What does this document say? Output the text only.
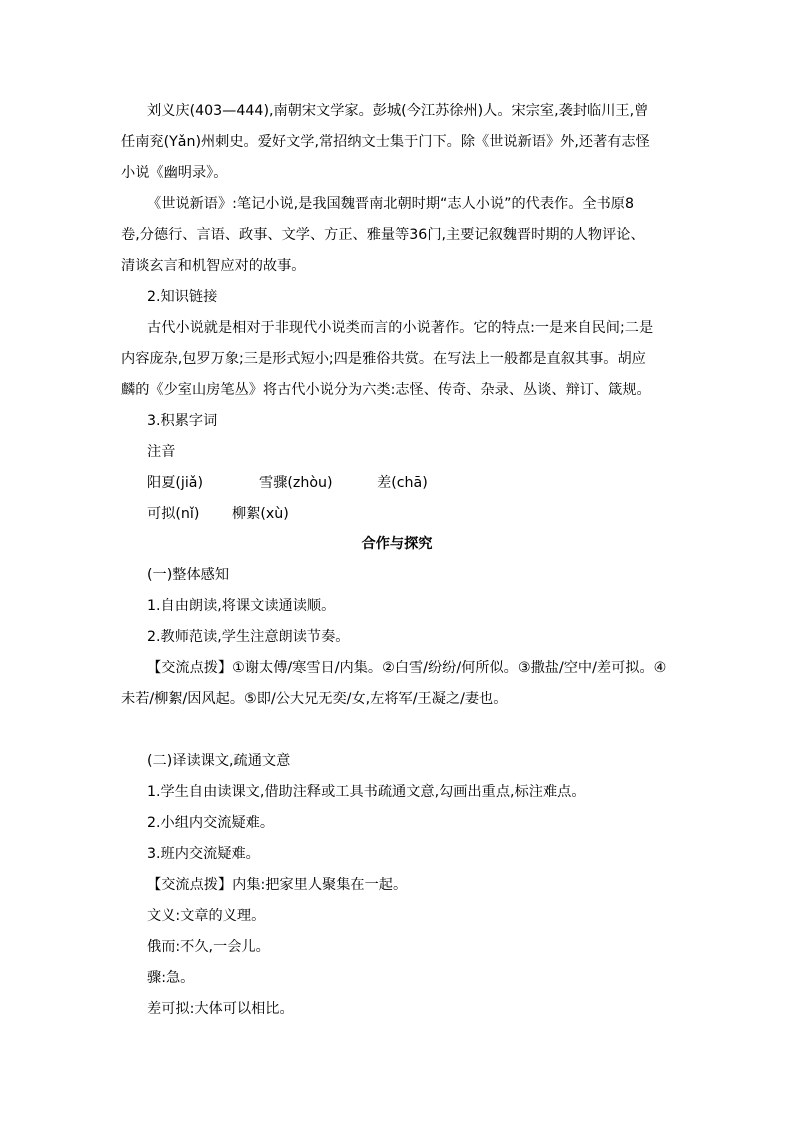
刘义庆(403—444),南朝宋文学家。彭城(今江苏徐州)人。宋宗室,袭封临川王,曾
任南兖(Yǎn)州刺史。爱好文学,常招纳文士集于门下。除《世说新语》外,还著有志怪
小说《幽明录》。
《世说新语》:笔记小说,是我国魏晋南北朝时期“志人小说”的代表作。全书原8
卷,分德行、言语、政事、文学、方正、雅量等36门,主要记叙魏晋时期的人物评论、
清谈玄言和机智应对的故事。
2.知识链接
古代小说就是相对于非现代小说类而言的小说著作。它的特点:一是来自民间;二是
内容庞杂,包罗万象;三是形式短小;四是雅俗共赏。在写法上一般都是直叙其事。胡应
麟的《少室山房笔丛》将古代小说分为六类:志怪、传奇、杂录、丛谈、辩订、箴规。
3.积累字词
注音
阳夏(jiǎ)	雪骤(zhòu)	差(chā)
可拟(nǐ) 柳絮(xù)
合作与探究
(一)整体感知
1.自由朗读,将课文读通读顺。
2.教师范读,学生注意朗读节奏。
【交流点拨】①谢太傅/寒雪日/内集。②白雪/纷纷/何所似。③撒盐/空中/差可拟。④
未若/柳絮/因风起。⑤即/公大兄无奕/女,左将军/王凝之/妻也。
(二)译读课文,疏通文意
1.学生自由读课文,借助注释或工具书疏通文意,勾画出重点,标注难点。
2.小组内交流疑难。
3.班内交流疑难。
【交流点拨】内集:把家里人聚集在一起。
文义:文章的义理。
俄而:不久,一会儿。
骤:急。
差可拟:大体可以相比。
